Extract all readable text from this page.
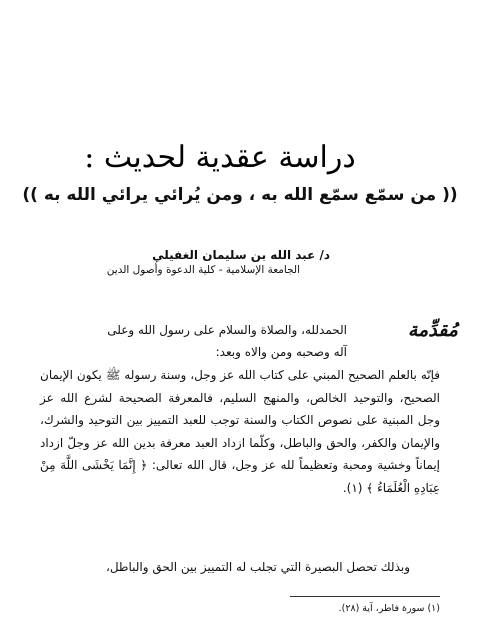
دراسة عقدية لحديث :
(( من سمّع سمّع الله به ، ومن يُرائي يرائي الله به ))
د/ عبد الله بن سليمان الغفيلي
الجامعة الإسلامية - كلية الدعوة وأصول الدين
مُقدِّمة
الحمدلله، والصلاة والسلام على رسول الله وعلى
آله وصحبه ومن والاه وبعد:

فإنّه بالعلم الصحيح المبني على كتاب الله عز وجل، وسنة رسوله ﷺ يكون الإيمان الصحيح، والتوحيد الخالص، والمنهج السليم، فالمعرفة الصحيحة لشرع الله عز وجل المبنية على نصوص الكتاب والسنة توجب للعبد التمييز بين التوحيد والشرك، والإيمان والكفر، والحق والباطل، وكلّما ازداد العبد معرفة بدين الله عز وجلّ ازداد إيماناً وخشية ومحبة وتعظيماً لله عز وجل، قال الله تعالى: ﴿ إِنَّمَا يَخْشَى اللَّهَ مِنْ عِبَادِهِ الْعُلَمَاءُ ﴾ (١).

وبذلك تحصل البصيرة التي تجلب له التمييز بين الحق والباطل،
(١) سورة فاطر، آية (٢٨).
